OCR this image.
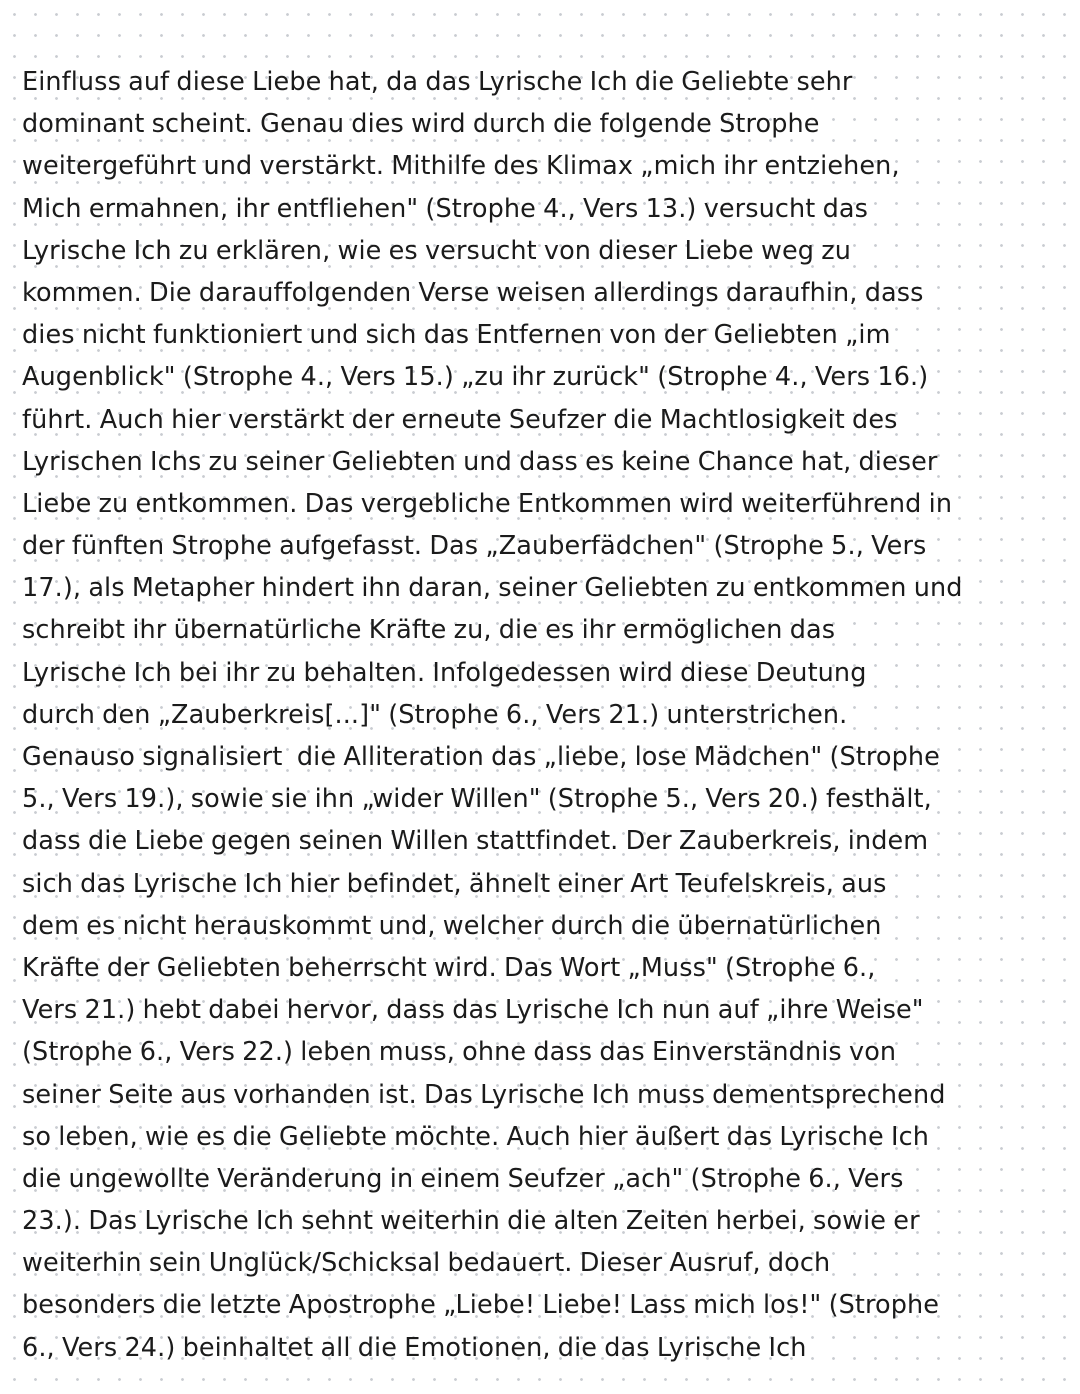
Einfluss auf diese Liebe hat, da das Lyrische Ich die Geliebte sehr
dominant scheint. Genau dies wird durch die folgende Strophe
weitergeführt und verstärkt. Mithilfe des Klimax „mich ihr entziehen,
Mich ermahnen, ihr entfliehen" (Strophe 4., Vers 13.) versucht das
Lyrische Ich zu erklären, wie es versucht von dieser Liebe weg zu
kommen. Die darauffolgenden Verse weisen allerdings daraufhin, dass
dies nicht funktioniert und sich das Entfernen von der Geliebten „im
Augenblick" (Strophe 4., Vers 15.) „zu ihr zurück" (Strophe 4., Vers 16.)
führt. Auch hier verstärkt der erneute Seufzer die Machtlosigkeit des
Lyrischen Ichs zu seiner Geliebten und dass es keine Chance hat, dieser
Liebe zu entkommen. Das vergebliche Entkommen wird weiterführend in
der fünften Strophe aufgefasst. Das „Zauberfädchen" (Strophe 5., Vers
17.), als Metapher hindert ihn daran, seiner Geliebten zu entkommen und
schreibt ihr übernatürliche Kräfte zu, die es ihr ermöglichen das
Lyrische Ich bei ihr zu behalten. Infolgedessen wird diese Deutung
durch den „Zauberkreis[...]" (Strophe 6., Vers 21.) unterstrichen.
Genauso signalisiert  die Alliteration das „liebe, lose Mädchen" (Strophe
5., Vers 19.), sowie sie ihn „wider Willen" (Strophe 5., Vers 20.) festhält,
dass die Liebe gegen seinen Willen stattfindet. Der Zauberkreis, indem
sich das Lyrische Ich hier befindet, ähnelt einer Art Teufelskreis, aus
dem es nicht herauskommt und, welcher durch die übernatürlichen
Kräfte der Geliebten beherrscht wird. Das Wort „Muss" (Strophe 6.,
Vers 21.) hebt dabei hervor, dass das Lyrische Ich nun auf „ihre Weise"
(Strophe 6., Vers 22.) leben muss, ohne dass das Einverständnis von
seiner Seite aus vorhanden ist. Das Lyrische Ich muss dementsprechend
so leben, wie es die Geliebte möchte. Auch hier äußert das Lyrische Ich
die ungewollte Veränderung in einem Seufzer „ach" (Strophe 6., Vers
23.). Das Lyrische Ich sehnt weiterhin die alten Zeiten herbei, sowie er
weiterhin sein Unglück/Schicksal bedauert. Dieser Ausruf, doch
besonders die letzte Apostrophe „Liebe! Liebe! Lass mich los!" (Strophe
6., Vers 24.) beinhaltet all die Emotionen, die das Lyrische Ich
